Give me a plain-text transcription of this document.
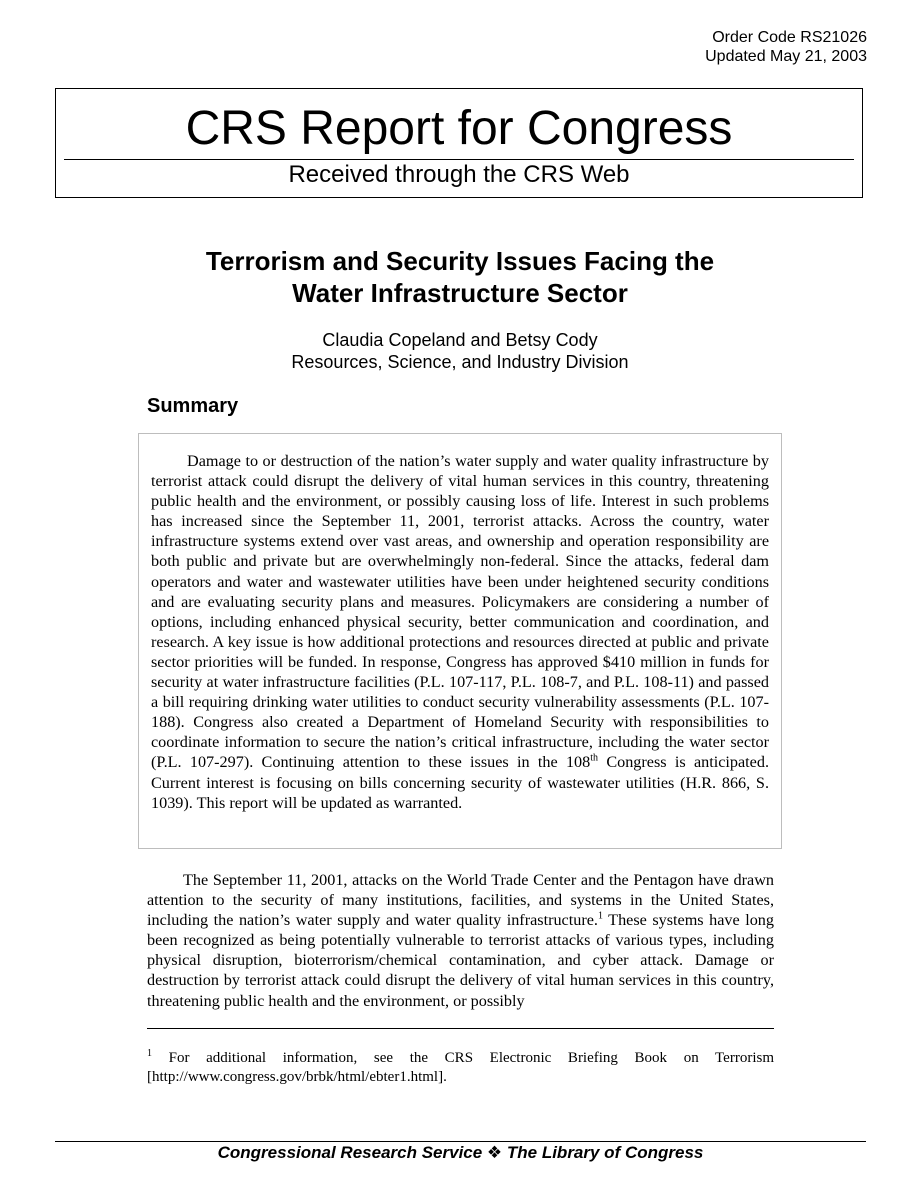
Order Code RS21026
Updated May 21, 2003
CRS Report for Congress
Received through the CRS Web
Terrorism and Security Issues Facing the
Water Infrastructure Sector
Claudia Copeland and Betsy Cody
Resources, Science, and Industry Division
Summary

Damage to or destruction of the nation’s water supply and water quality infrastructure by terrorist attack could disrupt the delivery of vital human services in this country, threatening public health and the environment, or possibly causing loss of life. Interest in such problems has increased since the September 11, 2001, terrorist attacks. Across the country, water infrastructure systems extend over vast areas, and ownership and operation responsibility are both public and private but are overwhelmingly non-federal. Since the attacks, federal dam operators and water and wastewater utilities have been under heightened security conditions and are evaluating security plans and measures. Policymakers are considering a number of options, including enhanced physical security, better communication and coordination, and research. A key issue is how additional protections and resources directed at public and private sector priorities will be funded. In response, Congress has approved $410 million in funds for security at water infrastructure facilities (P.L. 107-117, P.L. 108-7, and P.L. 108-11) and passed a bill requiring drinking water utilities to conduct security vulnerability assessments (P.L. 107-188). Congress also created a Department of Homeland Security with responsibilities to coordinate information to secure the nation’s critical infrastructure, including the water sector (P.L. 107-297). Continuing attention to these issues in the 108th Congress is anticipated. Current interest is focusing on bills concerning security of wastewater utilities (H.R. 866, S. 1039). This report will be updated as warranted.

The September 11, 2001, attacks on the World Trade Center and the Pentagon have drawn attention to the security of many institutions, facilities, and systems in the United States, including the nation’s water supply and water quality infrastructure.$^1$ These systems have long been recognized as being potentially vulnerable to terrorist attacks of various types, including physical disruption, bioterrorism/chemical contamination, and cyber attack. Damage or destruction by terrorist attack could disrupt the delivery of vital human services in this country, threatening public health and the environment, or possibly

$^1$ For additional information, see the CRS Electronic Briefing Book on Terrorism [http://www.congress.gov/brbk/html/ebter1.html].

Congressional Research Service ❖ The Library of Congress
